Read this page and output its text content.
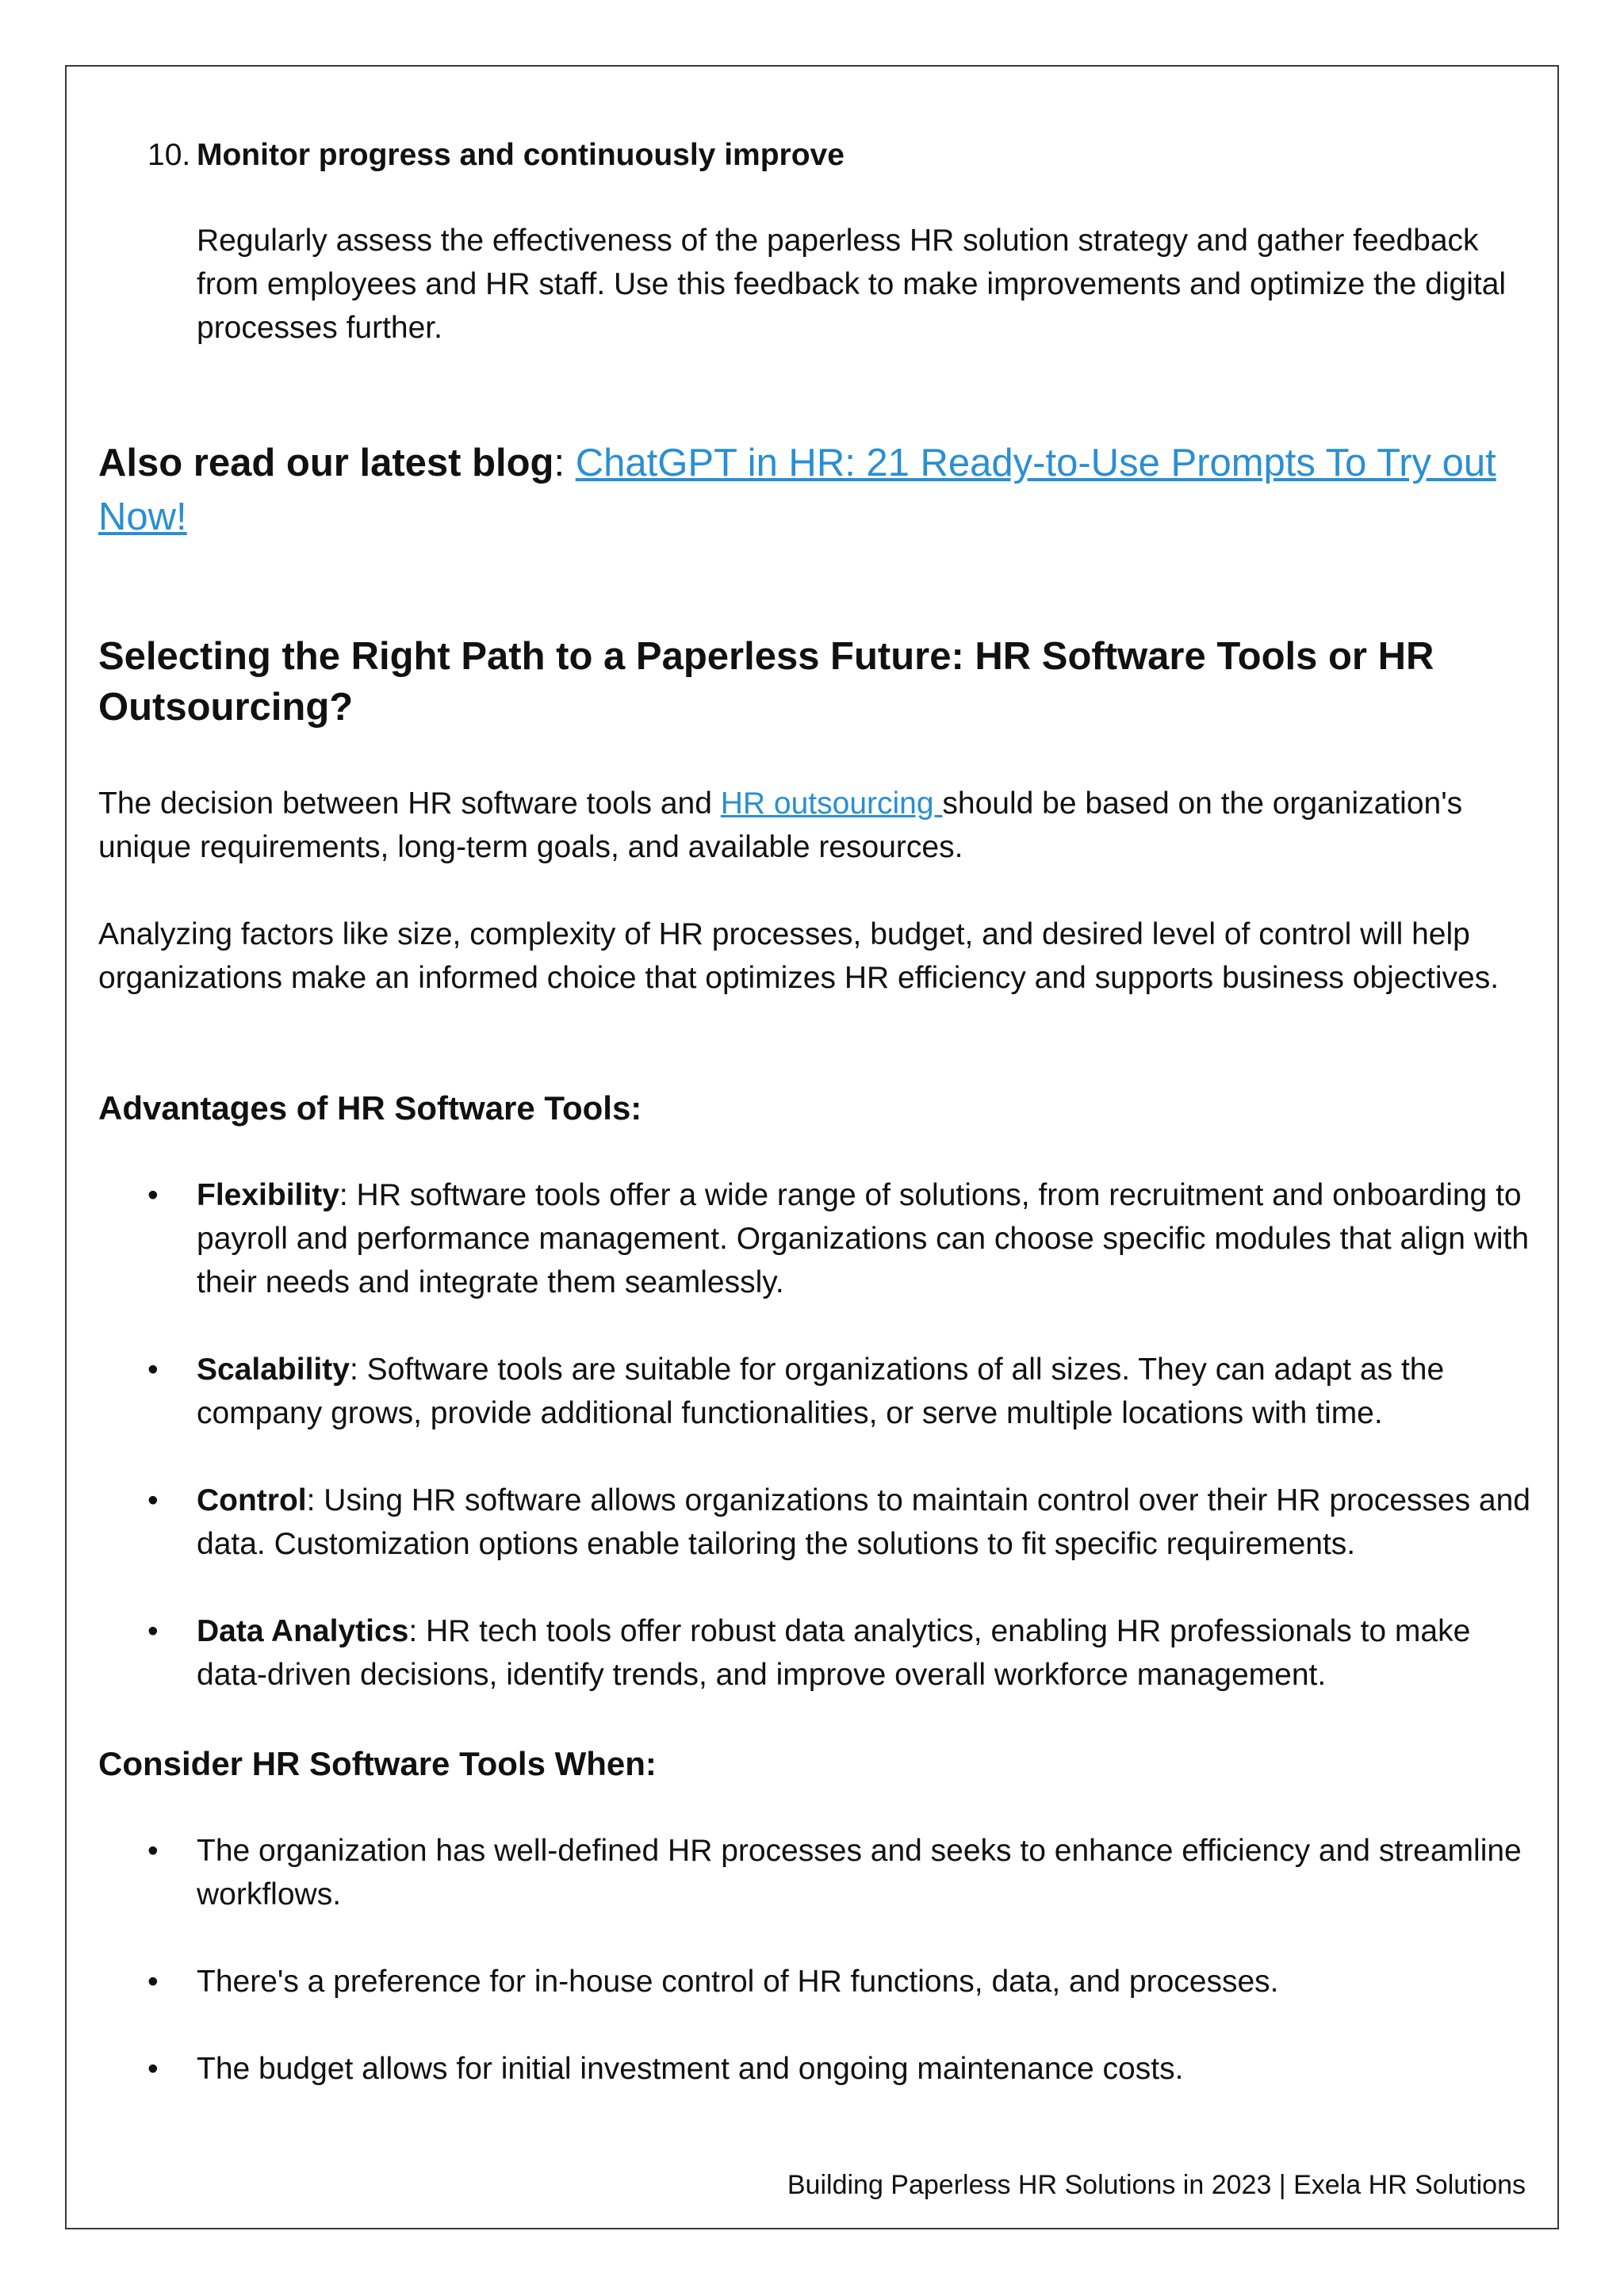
10. Monitor progress and continuously improve
Regularly assess the effectiveness of the paperless HR solution strategy and gather feedback from employees and HR staff. Use this feedback to make improvements and optimize the digital processes further.
Also read our latest blog: ChatGPT in HR: 21 Ready-to-Use Prompts To Try out Now!
Selecting the Right Path to a Paperless Future: HR Software Tools or HR Outsourcing?
The decision between HR software tools and HR outsourcing should be based on the organization's unique requirements, long-term goals, and available resources.
Analyzing factors like size, complexity of HR processes, budget, and desired level of control will help organizations make an informed choice that optimizes HR efficiency and supports business objectives.
Advantages of HR Software Tools:
•	Flexibility: HR software tools offer a wide range of solutions, from recruitment and onboarding to payroll and performance management. Organizations can choose specific modules that align with their needs and integrate them seamlessly.
•	Scalability: Software tools are suitable for organizations of all sizes. They can adapt as the company grows, provide additional functionalities, or serve multiple locations with time.
•	Control: Using HR software allows organizations to maintain control over their HR processes and data. Customization options enable tailoring the solutions to fit specific requirements.
•	Data Analytics: HR tech tools offer robust data analytics, enabling HR professionals to make data-driven decisions, identify trends, and improve overall workforce management.
Consider HR Software Tools When:
•	The organization has well-defined HR processes and seeks to enhance efficiency and streamline workflows.
•	There's a preference for in-house control of HR functions, data, and processes.
•	The budget allows for initial investment and ongoing maintenance costs.
Building Paperless HR Solutions in 2023 | Exela HR Solutions
